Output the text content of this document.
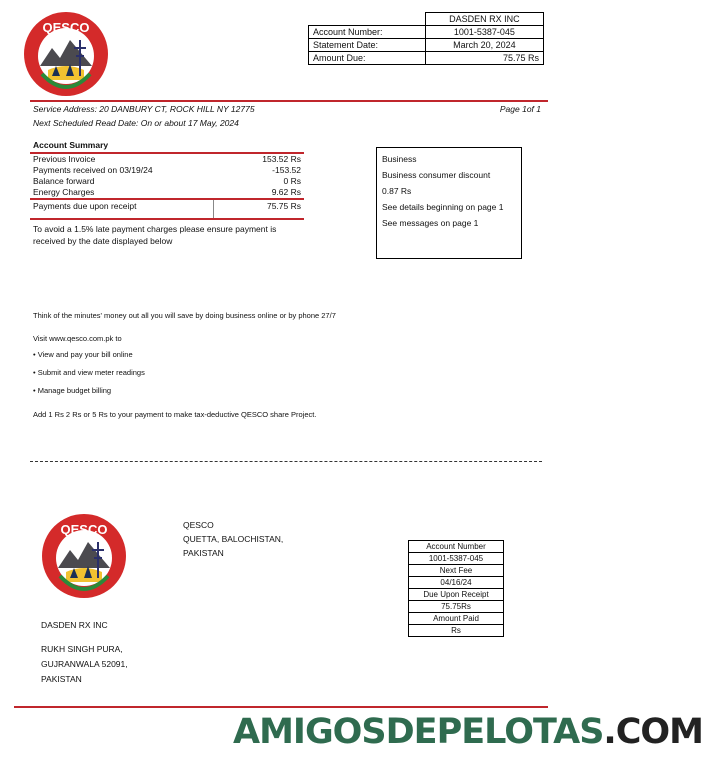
QESCO
	DASDEN RX INC
Account Number:	1001-5387-045
Statement Date:	March 20, 2024
Amount Due:	75.75 Rs
Service Address: 20 DANBURY CT, ROCK HILL NY 12775
Next Scheduled Read Date: On or about 17 May, 2024
Page 1of 1
Account Summary
Previous Invoice	153.52 Rs
Payments received on 03/19/24	-153.52
Balance forward	0 Rs
Energy Charges	9.62 Rs
Payments due upon receipt	75.75 Rs
To avoid a 1.5% late payment charges please ensure payment is
received by the date displayed below
Business
Business consumer discount
0.87 Rs
See details beginning on page 1
See messages on page 1
Think of the minutes' money out all you will save by doing business online or by phone 27/7
Visit www.qesco.com.pk to
• View and pay your bill online
• Submit and view meter readings
• Manage budget billing
Add 1 Rs 2 Rs or 5 Rs to your payment to make tax-deductive QESCO share Project.
QESCO	QESCO
QUETTA, BALOCHISTAN,
PAKISTAN
DASDEN RX INC
RUKH SINGH PURA,
GUJRANWALA 52091,
PAKISTAN
Account Number
1001-5387-045
Next Fee
04/16/24
Due Upon Receipt
75.75Rs
Amount Paid
Rs
AMIGOSDEPELOTAS.COM
